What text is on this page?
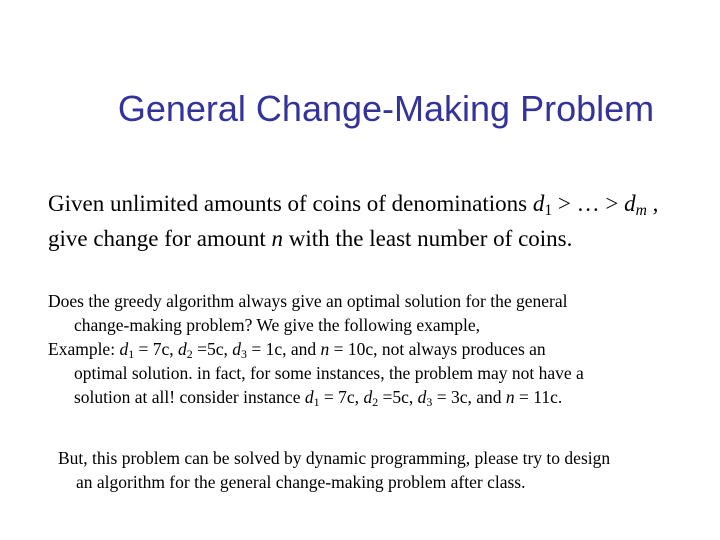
General Change-Making Problem
Given unlimited amounts of coins of denominations $d_1$ > … > $d_m$ ,
give change for amount n with the least number of coins.
Does the greedy algorithm always give an optimal solution for the general
change-making problem? We give the following example,
Example: $d_1 = 7c$, $d_2 =5c$, $d_3 = 1c$, and n = 10c, not always produces an
optimal solution. in fact, for some instances, the problem may not have a
solution at all! consider instance $d_1 = 7c$, $d_2 =5c$, $d_3 = 3c$, and n = 11c.
But, this problem can be solved by dynamic programming, please try to design
an algorithm for the general change-making problem after class.
